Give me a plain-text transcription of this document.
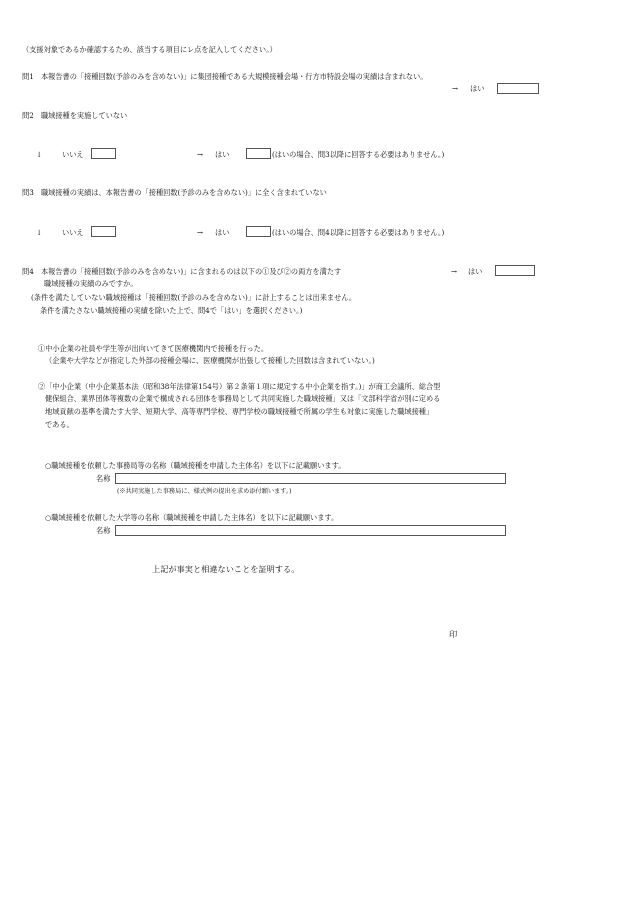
（支援対象であるか確認するため、該当する項目にレ点を記入してください。）
問1　本報告書の「接種回数(予診のみを含めない)」に集団接種である大規模接種会場・行方市特設会場の実績は含まれない。
→ はい
問2　職域接種を実施していない
↓	いいえ	→ はい	(はいの場合、問3以降に回答する必要はありません。)
問3　職域接種の実績は、本報告書の「接種回数(予診のみを含めない)」に全く含まれていない
↓	いいえ	→ はい	(はいの場合、問4以降に回答する必要はありません。)
問4　本報告書の「接種回数(予診のみを含めない)」に含まれるのは以下の①及び②の両方を満たす	→ はい
職域接種の実績のみですか。
(条件を満たしていない職域接種は「接種回数(予診のみを含めない)」に計上することは出来ません。
条件を満たさない職域接種の実績を除いた上で、問4で「はい」を選択ください。)
①中小企業の社員や学生等が出向いてきて医療機関内で接種を行った。
（企業や大学などが指定した外部の接種会場に、医療機関が出張して接種した回数は含まれていない。)
②「中小企業（中小企業基本法（昭和38年法律第154号）第２条第１項に規定する中小企業を指す。)」が商工会議所、総合型
健保組合、業界団体等複数の企業で構成される団体を事務局として共同実施した職域接種」又は「文部科学省が別に定める
地域貢献の基準を満たす大学、短期大学、高等専門学校、専門学校の職域接種で所属の学生も対象に実施した職域接種」
である。
○職域接種を依頼した事務局等の名称（職域接種を申請した主体名）を以下に記載願います。
名称
(※共同実施した事務局に、様式例の提出を求め添付願います。)
○職域接種を依頼した大学等の名称（職域接種を申請した主体名）を以下に記載願います。
名称
上記が事実と相違ないことを証明する。
印
